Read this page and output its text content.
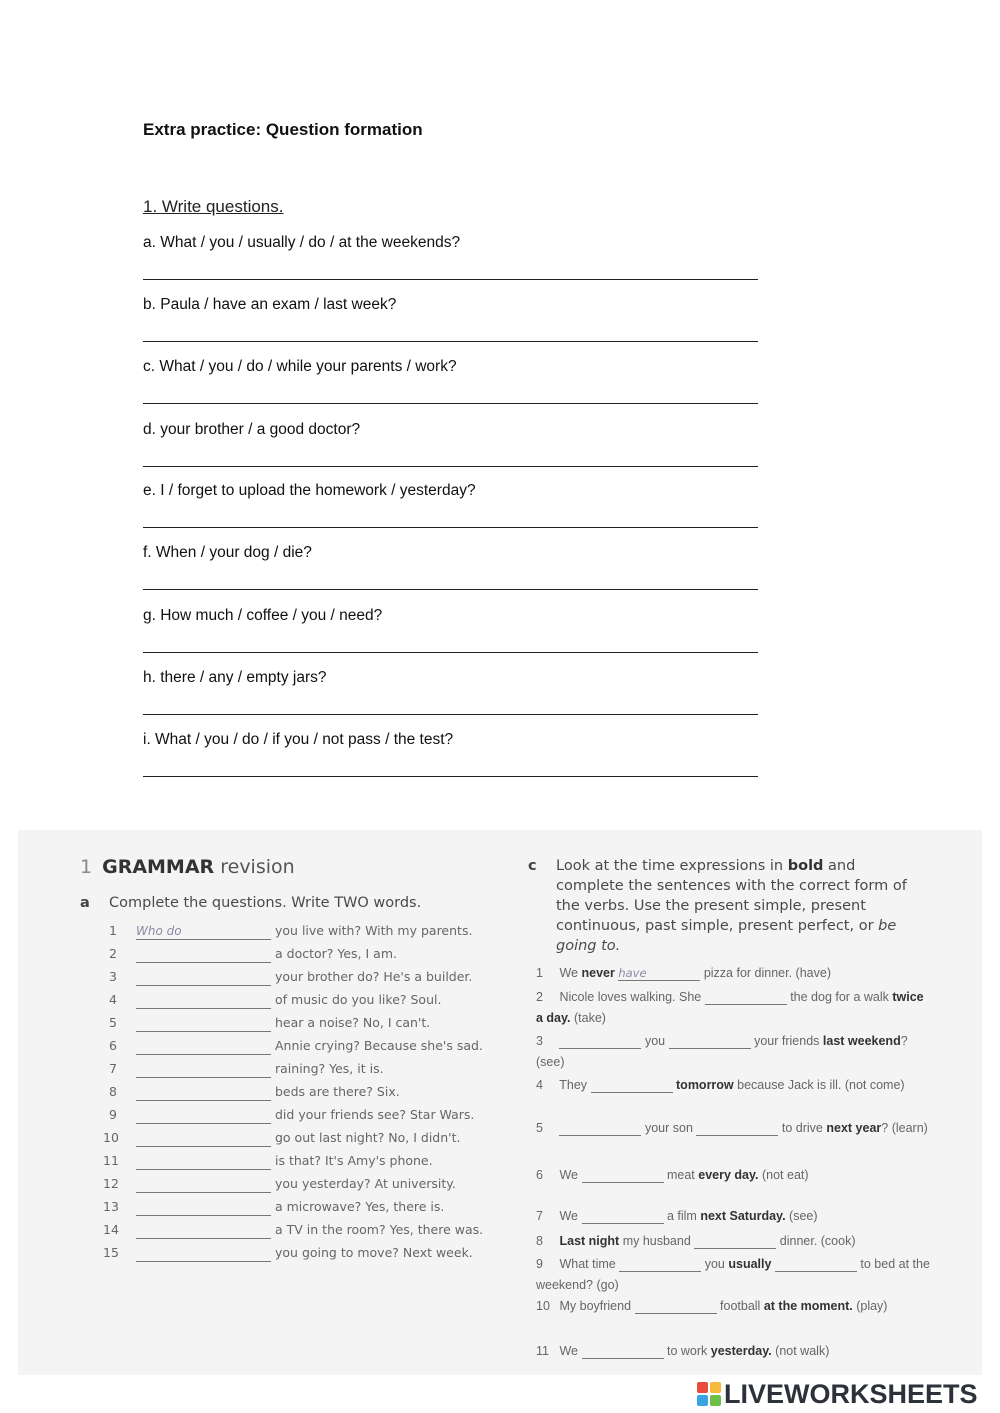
Extra practice: Question formation
1. Write questions.
a. What / you / usually / do / at the weekends?
b. Paula / have an exam / last week?
c. What / you / do / while your parents / work?
d. your brother / a good doctor?
e. I / forget to upload the homework / yesterday?
f. When / your dog / die?
g. How much / coffee / you / need?
h. there / any / empty jars?
i. What / you / do / if you / not pass / the test?
1 GRAMMAR revision
a Complete the questions. Write TWO words.
1
Who do	you live with? With my parents.
2	a doctor? Yes, I am.
3	your brother do? He's a builder.
4	of music do you like? Soul.
5	hear a noise? No, I can't.
6	Annie crying? Because she's sad.
7	raining? Yes, it is.
8	beds are there? Six.
9	did your friends see? Star Wars.
10	go out last night? No, I didn't.
11	is that? It's Amy's phone.
12	you yesterday? At university.
13	a microwave? Yes, there is.
14	a TV in the room? Yes, there was.
15	you going to move? Next week.
c Look at the time expressions in bold and complete the sentences with the correct form of the verbs. Use the present simple, present continuous, past simple, present perfect, or be going to.
1 We never have	pizza for dinner. (have)
2 Nicole loves walking. She	the dog for a walk twice a day. (take)
3	you	your friends last weekend? (see)
4 They	tomorrow because Jack is ill. (not come)
5	your son	to drive next year? (learn)
6 We	meat every day. (not eat)
7 We	a film next Saturday. (see)
8 Last night my husband	dinner. (cook)
9 What time	you usually	to bed at the weekend? (go)
10 My boyfriend	football at the moment. (play)
11 We	to work yesterday. (not walk)
LIVEWORKSHEETS
